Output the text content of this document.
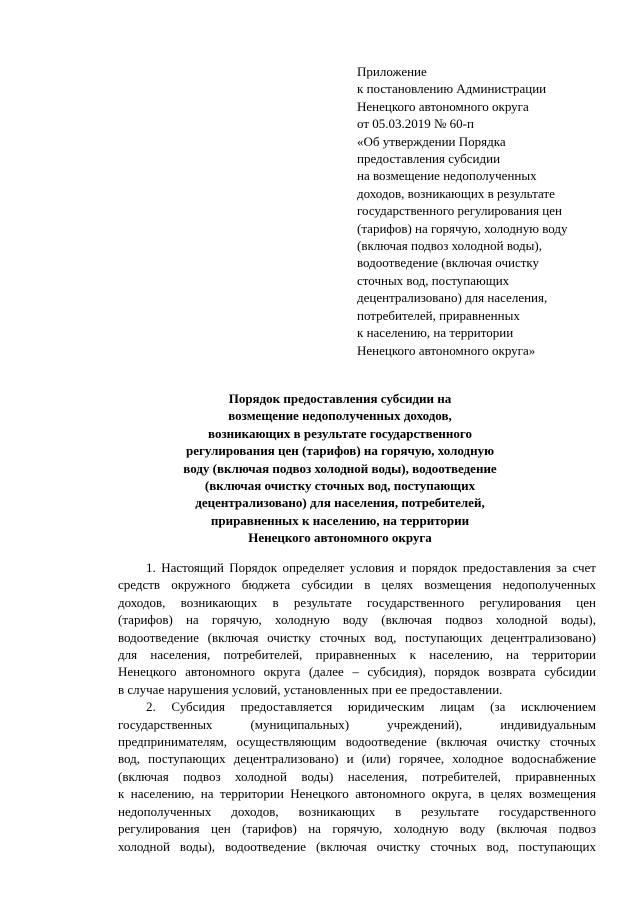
Приложение
к постановлению Администрации
Ненецкого автономного округа
от 05.03.2019 № 60-п
«Об утверждении Порядка
предоставления субсидии
на возмещение недополученных
доходов, возникающих в результате
государственного регулирования цен
(тарифов) на горячую, холодную воду
(включая подвоз холодной воды),
водоотведение (включая очистку
сточных вод, поступающих
децентрализовано) для населения,
потребителей, приравненных
к населению, на территории
Ненецкого автономного округа»
Порядок предоставления субсидии на
возмещение недополученных доходов,
возникающих в результате государственного
регулирования цен (тарифов) на горячую, холодную
воду (включая подвоз холодной воды), водоотведение
(включая очистку сточных вод, поступающих
децентрализовано) для населения, потребителей,
приравненных к населению, на территории
Ненецкого автономного округа
1. Настоящий Порядок определяет условия и порядок предоставления за счет
средств окружного бюджета субсидии в целях возмещения недополученных
доходов, возникающих в результате государственного регулирования цен
(тарифов) на горячую, холодную воду (включая подвоз холодной воды),
водоотведение (включая очистку сточных вод, поступающих децентрализовано)
для населения, потребителей, приравненных к населению, на территории
Ненецкого автономного округа (далее – субсидия), порядок возврата субсидии
в случае нарушения условий, установленных при ее предоставлении.
2. Субсидия предоставляется юридическим лицам (за исключением
государственных (муниципальных) учреждений), индивидуальным
предпринимателям, осуществляющим водоотведение (включая очистку сточных
вод, поступающих децентрализовано) и (или) горячее, холодное водоснабжение
(включая подвоз холодной воды) населения, потребителей, приравненных
к населению, на территории Ненецкого автономного округа, в целях возмещения
недополученных доходов, возникающих в результате государственного
регулирования цен (тарифов) на горячую, холодную воду (включая подвоз
холодной воды), водоотведение (включая очистку сточных вод, поступающих
